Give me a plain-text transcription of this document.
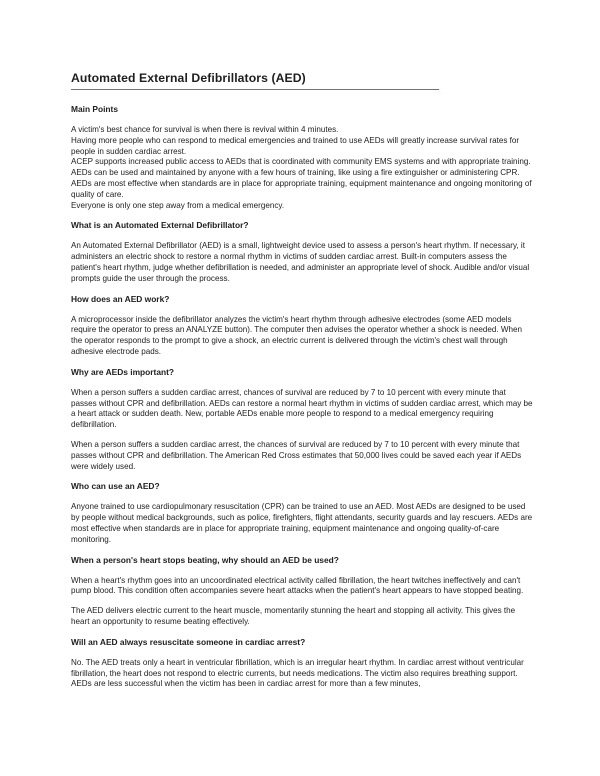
Automated External Defibrillators (AED)
Main Points

A victim's best chance for survival is when there is revival within 4 minutes.

Having more people who can respond to medical emergencies and trained to use AEDs will greatly increase survival rates for people in sudden cardiac arrest.

ACEP supports increased public access to AEDs that is coordinated with community EMS systems and with appropriate training. AEDs can be used and maintained by anyone with a few hours of training, like using a fire extinguisher or administering CPR.

AEDs are most effective when standards are in place for appropriate training, equipment maintenance and ongoing monitoring of quality of care.

Everyone is only one step away from a medical emergency.

What is an Automated External Defibrillator?

An Automated External Defibrillator (AED) is a small, lightweight device used to assess a person's heart rhythm. If necessary, it administers an electric shock to restore a normal rhythm in victims of sudden cardiac arrest. Built-in computers assess the patient's heart rhythm, judge whether defibrillation is needed, and administer an appropriate level of shock. Audible and/or visual prompts guide the user through the process.

How does an AED work?

A microprocessor inside the defibrillator analyzes the victim's heart rhythm through adhesive electrodes (some AED models require the operator to press an ANALYZE button). The computer then advises the operator whether a shock is needed. When the operator responds to the prompt to give a shock, an electric current is delivered through the victim's chest wall through adhesive electrode pads.

Why are AEDs important?

When a person suffers a sudden cardiac arrest, chances of survival are reduced by 7 to 10 percent with every minute that passes without CPR and defibrillation. AEDs can restore a normal heart rhythm in victims of sudden cardiac arrest, which may be a heart attack or sudden death. New, portable AEDs enable more people to respond to a medical emergency requiring defibrillation.

When a person suffers a sudden cardiac arrest, the chances of survival are reduced by 7 to 10 percent with every minute that passes without CPR and defibrillation. The American Red Cross estimates that 50,000 lives could be saved each year if AEDs were widely used.

Who can use an AED?

Anyone trained to use cardiopulmonary resuscitation (CPR) can be trained to use an AED. Most AEDs are designed to be used by people without medical backgrounds, such as police, firefighters, flight attendants, security guards and lay rescuers. AEDs are most effective when standards are in place for appropriate training, equipment maintenance and ongoing quality-of-care monitoring.

When a person's heart stops beating, why should an AED be used?

When a heart's rhythm goes into an uncoordinated electrical activity called fibrillation, the heart twitches ineffectively and can't pump blood. This condition often accompanies severe heart attacks when the patient's heart appears to have stopped beating.

The AED delivers electric current to the heart muscle, momentarily stunning the heart and stopping all activity. This gives the heart an opportunity to resume beating effectively.

Will an AED always resuscitate someone in cardiac arrest?

No. The AED treats only a heart in ventricular fibrillation, which is an irregular heart rhythm. In cardiac arrest without ventricular fibrillation, the heart does not respond to electric currents, but needs medications. The victim also requires breathing support. AEDs are less successful when the victim has been in cardiac arrest for more than a few minutes,
